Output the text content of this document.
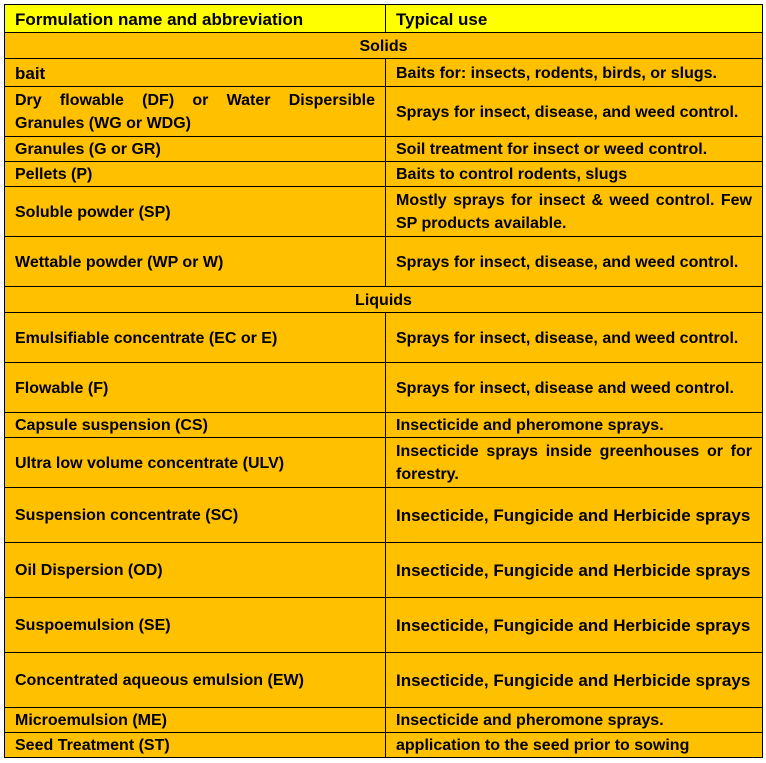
Formulation name and abbreviation	Typical use
Solids	
bait	Baits for: insects, rodents, birds, or slugs.
Dry flowable (DF) or Water Dispersible Granules (WG or WDG)	Sprays for insect, disease, and weed control.
Granules (G or GR)	Soil treatment for insect or weed control.
Pellets (P)	Baits to control rodents, slugs
Soluble powder (SP)	Mostly sprays for insect & weed control. Few SP products available.
Wettable powder (WP or W)	Sprays for insect, disease, and weed control.
Liquids	
Emulsifiable concentrate (EC or E)	Sprays for insect, disease, and weed control.
Flowable (F)	Sprays for insect, disease and weed control.
Capsule suspension (CS)	Insecticide and pheromone sprays.
Ultra low volume concentrate (ULV)	Insecticide sprays inside greenhouses or for forestry.
Suspension concentrate (SC)	Insecticide, Fungicide and Herbicide sprays
Oil Dispersion (OD)	Insecticide, Fungicide and Herbicide sprays
Suspoemulsion (SE)	Insecticide, Fungicide and Herbicide sprays
Concentrated aqueous emulsion (EW)	Insecticide, Fungicide and Herbicide sprays
Microemulsion (ME)	Insecticide and pheromone sprays.
Seed Treatment (ST)	application to the seed prior to sowing
